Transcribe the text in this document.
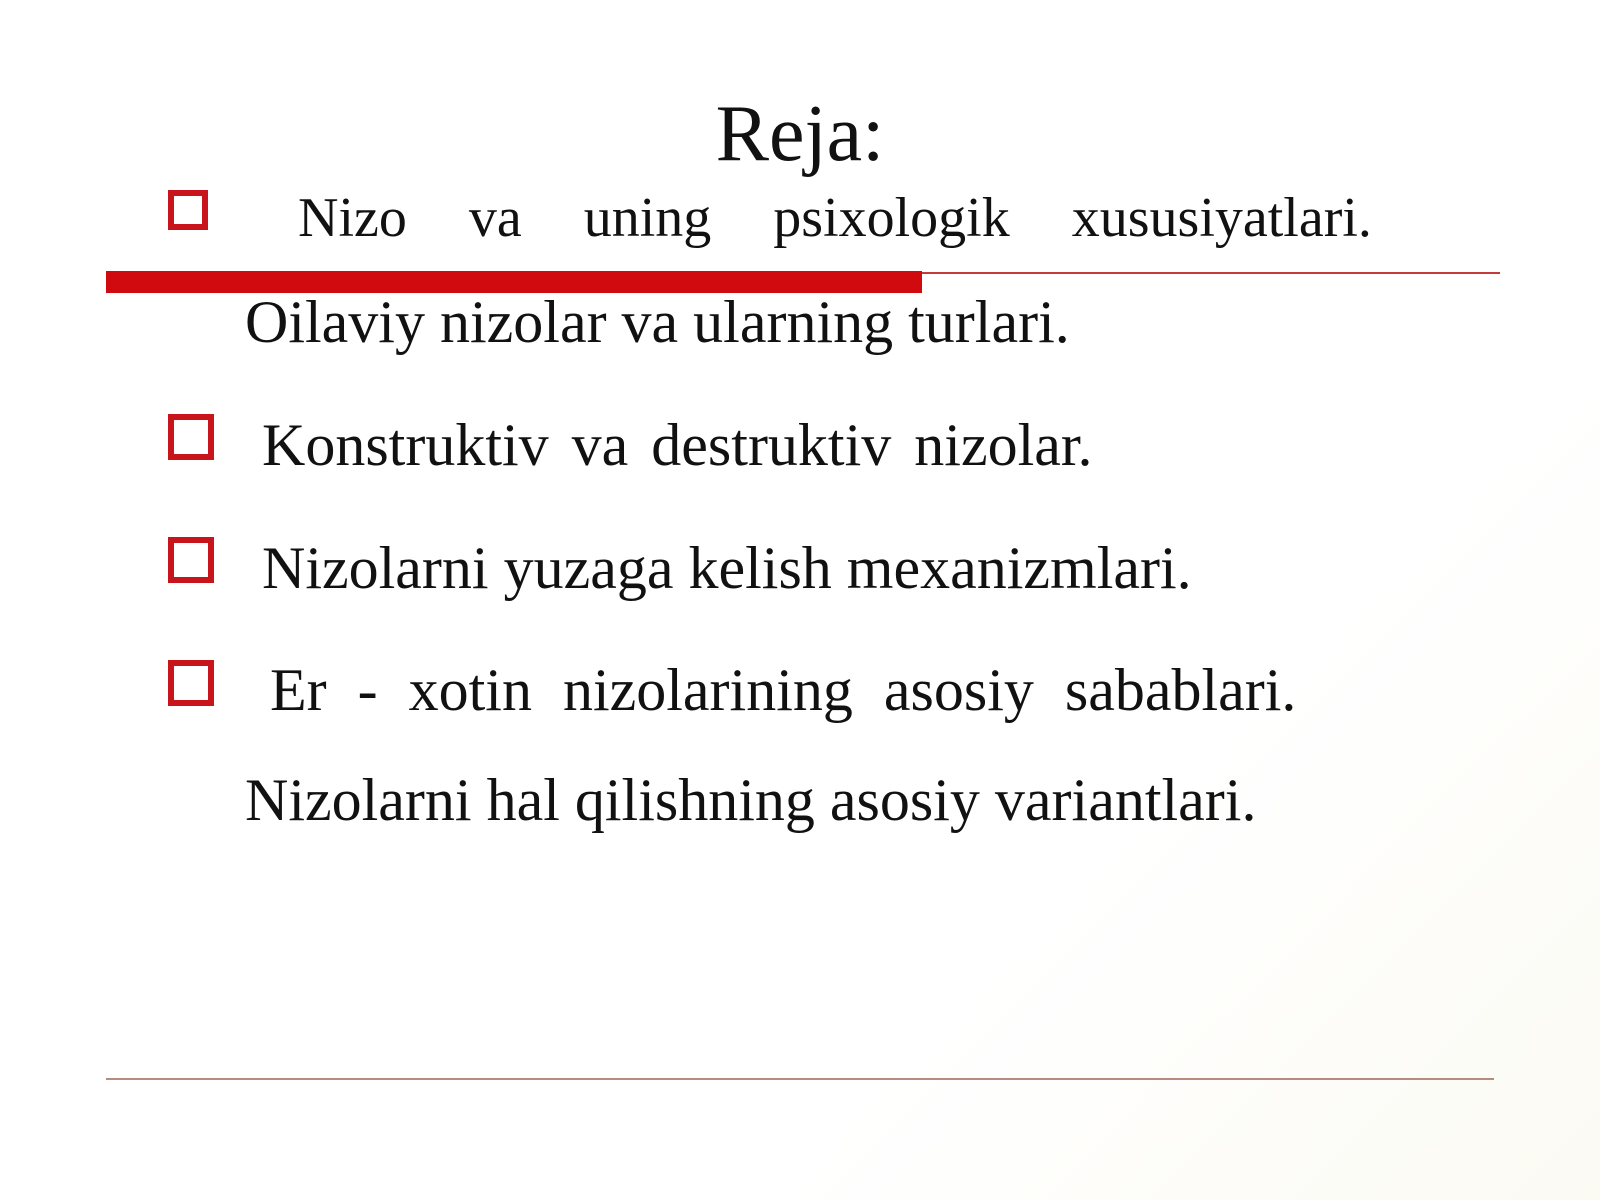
Reja:
Nizo va uning psixologik xususiyatlari.
Oilaviy nizolar va ularning turlari.
Konstruktiv va destruktiv nizolar.
Nizolarni yuzaga kelish mexanizmlari.
Er - xotin nizolarining asosiy sabablari.
Nizolarni hal qilishning asosiy variantlari.
